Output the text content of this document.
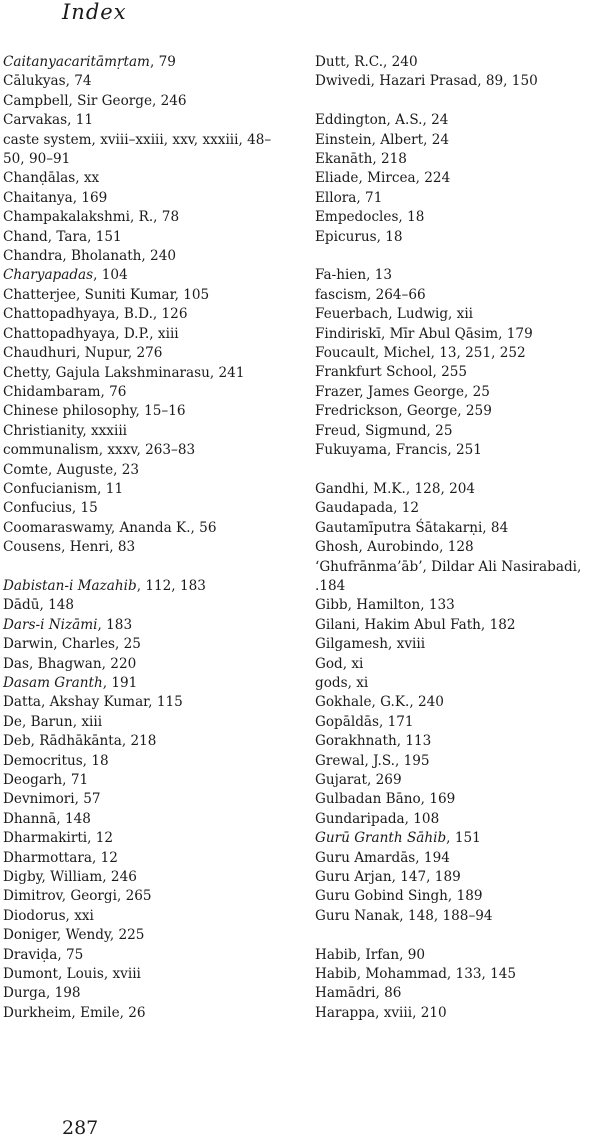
Index
Caitanyacaritāmṛtam, 79
Cālukyas, 74
Campbell, Sir George, 246
Carvakas, 11
caste system, xviii–xxiii, xxv, xxxiii, 48–
50, 90–91
Chanḍālas, xx
Chaitanya, 169
Champakalakshmi, R., 78
Chand, Tara, 151
Chandra, Bholanath, 240
Charyapadas, 104
Chatterjee, Suniti Kumar, 105
Chattopadhyaya, B.D., 126
Chattopadhyaya, D.P., xiii
Chaudhuri, Nupur, 276
Chetty, Gajula Lakshminarasu, 241
Chidambaram, 76
Chinese philosophy, 15–16
Christianity, xxxiii
communalism, xxxv, 263–83
Comte, Auguste, 23
Confucianism, 11
Confucius, 15
Coomaraswamy, Ananda K., 56
Cousens, Henri, 83
Dabistan-i Mazahib, 112, 183
Dādū, 148
Dars-i Nizāmi, 183
Darwin, Charles, 25
Das, Bhagwan, 220
Dasam Granth, 191
Datta, Akshay Kumar, 115
De, Barun, xiii
Deb, Rādhākānta, 218
Democritus, 18
Deogarh, 71
Devnimori, 57
Dhannā, 148
Dharmakirti, 12
Dharmottara, 12
Digby, William, 246
Dimitrov, Georgi, 265
Diodorus, xxi
Doniger, Wendy, 225
Draviḍa, 75
Dumont, Louis, xviii
Durga, 198
Durkheim, Emile, 26
Dutt, R.C., 240
Dwivedi, Hazari Prasad, 89, 150
Eddington, A.S., 24
Einstein, Albert, 24
Ekanāth, 218
Eliade, Mircea, 224
Ellora, 71
Empedocles, 18
Epicurus, 18
Fa-hien, 13
fascism, 264–66
Feuerbach, Ludwig, xii
Findiriskī, Mīr Abul Qāsim, 179
Foucault, Michel, 13, 251, 252
Frankfurt School, 255
Frazer, James George, 25
Fredrickson, George, 259
Freud, Sigmund, 25
Fukuyama, Francis, 251
Gandhi, M.K., 128, 204
Gaudapada, 12
Gautamīputra Śātakarṇi, 84
Ghosh, Aurobindo, 128
‘Ghufrānma’āb’, Dildar Ali Nasirabadi,
.184
Gibb, Hamilton, 133
Gilani, Hakim Abul Fath, 182
Gilgamesh, xviii
God, xi
gods, xi
Gokhale, G.K., 240
Gopāldās, 171
Gorakhnath, 113
Grewal, J.S., 195
Gujarat, 269
Gulbadan Bāno, 169
Gundaripada, 108
Gurū Granth Sāhib, 151
Guru Amardās, 194
Guru Arjan, 147, 189
Guru Gobind Singh, 189
Guru Nanak, 148, 188–94
Habib, Irfan, 90
Habib, Mohammad, 133, 145
Hamādri, 86
Harappa, xviii, 210
287
